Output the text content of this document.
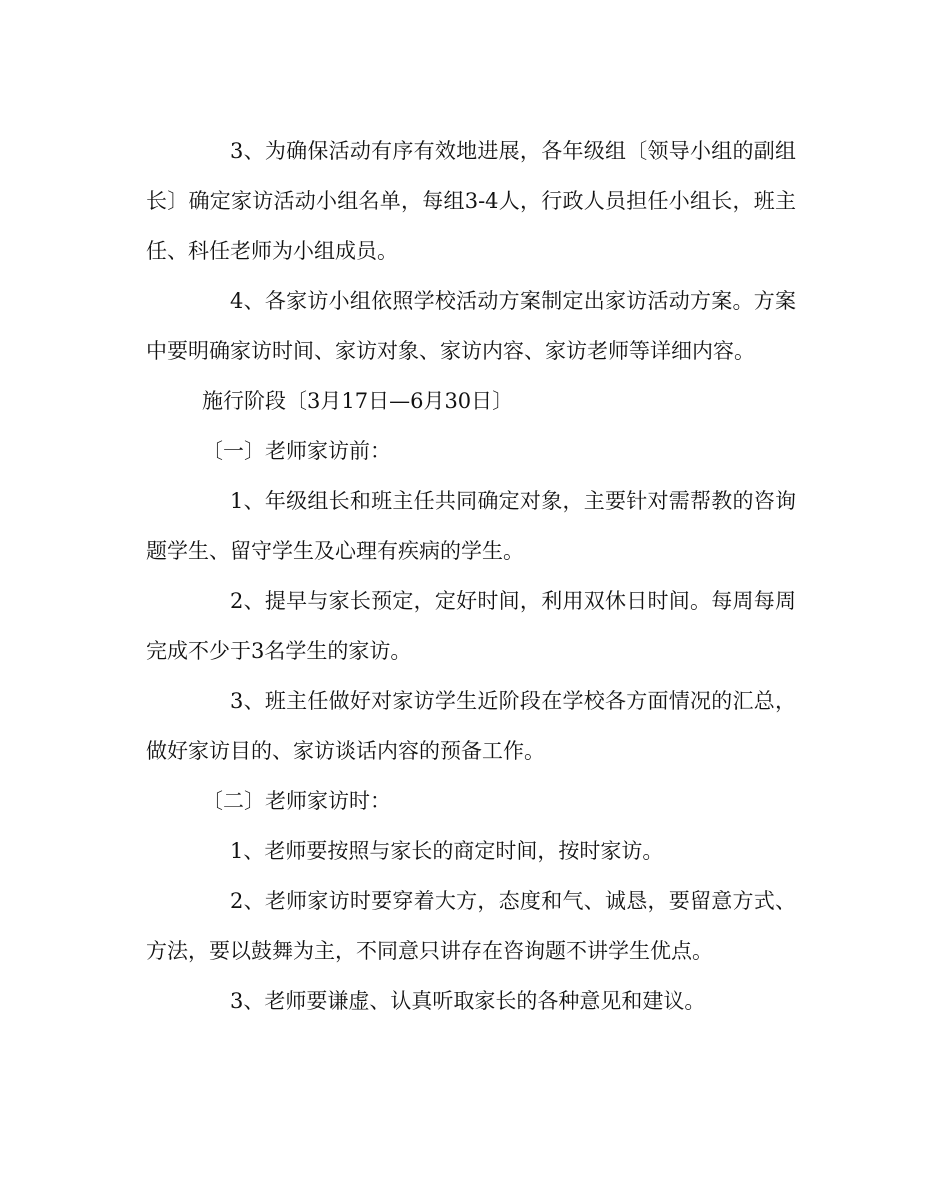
3、为确保活动有序有效地进展，各年级组〔领导小组的副组长〕确定家访活动小组名单，每组3-4人，行政人员担任小组长，班主任、科任老师为小组成员。

4、各家访小组依照学校活动方案制定出家访活动方案。方案中要明确家访时间、家访对象、家访内容、家访老师等详细内容。

施行阶段〔3月17日—6月30日〕

〔一〕老师家访前：

1、年级组长和班主任共同确定对象，主要针对需帮教的咨询题学生、留守学生及心理有疾病的学生。

2、提早与家长预定，定好时间，利用双休日时间。每周每周完成不少于3名学生的家访。

3、班主任做好对家访学生近阶段在学校各方面情况的汇总，做好家访目的、家访谈话内容的预备工作。

〔二〕老师家访时：

1、老师要按照与家长的商定时间，按时家访。

2、老师家访时要穿着大方，态度和气、诚恳，要留意方式、方法，要以鼓舞为主，不同意只讲存在咨询题不讲学生优点。

3、老师要谦虚、认真听取家长的各种意见和建议。
